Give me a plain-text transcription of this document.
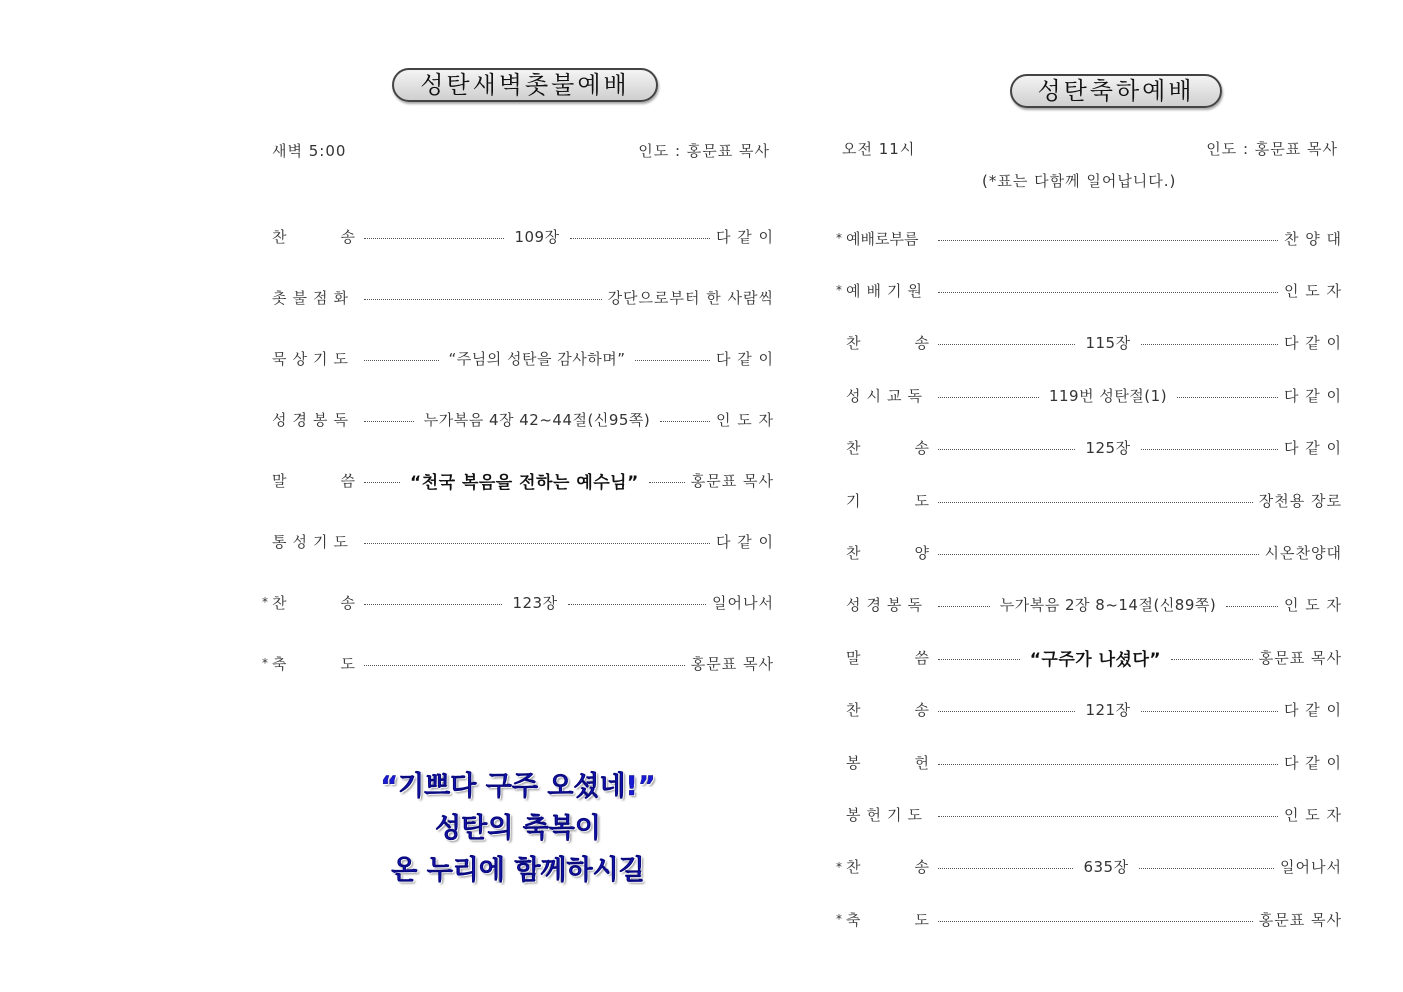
성탄새벽촛불예배
새벽 5:00	인도 : 홍문표 목사
찬송	109장	다 같 이
촛불점화	강단으로부터 한 사람씩
묵상기도	“주님의 성탄을 감사하며”	다 같 이
성경봉독	누가복음 4장 42~44절(신95쪽)	인 도 자
말씀 “천국 복음을 전하는 예수님”	홍문표 목사
통성기도	다 같 이
* 찬송	123장	일어나서
* 축도	홍문표 목사
“기쁘다 구주 오셨네!”
성탄의 축복이
온 누리에 함께하시길
성탄축하예배
오전 11시	인도 : 홍문표 목사
(*표는 다함께 일어납니다.)
* 예배로부름	찬 양 대
* 예배기원	인 도 자
찬송	115장	다 같 이
성시교독	119번 성탄절(1)	다 같 이
찬송	125장	다 같 이
기도	장천용 장로
찬양	시온찬양대
성경봉독	누가복음 2장 8~14절(신89쪽)	인 도 자
말씀	“구주가 나셨다”	홍문표 목사
찬송	121장	다 같 이
봉헌	다 같 이
봉헌기도	인 도 자
* 찬송	635장	일어나서
* 축도	홍문표 목사
